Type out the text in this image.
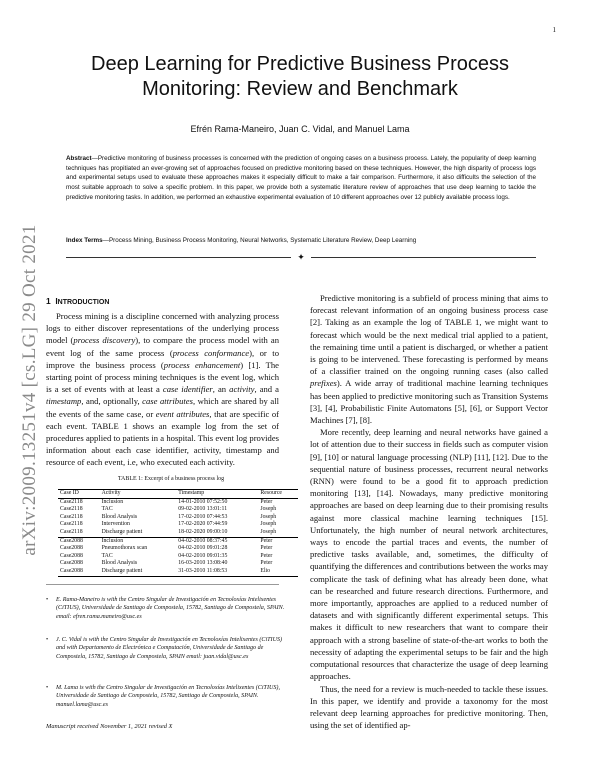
1
arXiv:2009.13251v4 [cs.LG] 29 Oct 2021
Deep Learning for Predictive Business Process Monitoring: Review and Benchmark
Efrén Rama-Maneiro, Juan C. Vidal, and Manuel Lama

Abstract—Predictive monitoring of business processes is concerned with the prediction of ongoing cases on a business process. Lately, the popularity of deep learning techniques has propitiated an ever-growing set of approaches focused on predictive monitoring based on these techniques. However, the high disparity of process logs and experimental setups used to evaluate these approaches makes it especially difficult to make a fair comparison. Furthermore, it also difficults the selection of the most suitable approach to solve a specific problem. In this paper, we provide both a systematic literature review of approaches that use deep learning to tackle the predictive monitoring tasks. In addition, we performed an exhaustive experimental evaluation of 10 different approaches over 12 publicly available process logs.

Index Terms—Process Mining, Business Process Monitoring, Neural Networks, Systematic Literature Review, Deep Learning

✦
1 INTRODUCTION

Process mining is a discipline concerned with analyzing process logs to either discover representations of the underlying process model (process discovery), to compare the process model with an event log of the same process (process conformance), or to improve the business process (process enhancement) [1]. The starting point of process mining techniques is the event log, which is a set of events with at least a case identifier, an activity, and a timestamp, and, optionally, case attributes, which are shared by all the events of the same case, or event attributes, that are specific of each event. TABLE 1 shows an example log from the set of procedures applied to patients in a hospital. This event log provides information about each case identifier, activity, timestamp and resource of each event, i.e, who executed each activity.

TABLE 1: Excerpt of a business process log
Case ID	Activity	Timestamp	Resource
Case2118	Inclusion	14-01-2010 07:52:50	Peter
Case2118	TAC	09-02-2010 13:01:11	Joseph
Case2118	Blood Analysis	17-02-2010 07:44:53	Joseph
Case2118	Intervention	17-02-2020 07:44:59	Joseph
Case2118	Discharge patient	18-02-2020 09:00:10	Joseph
Case2088	Inclusion	04-02-2010 08:37:45	Peter
Case2088	Pneumothorax scan	04-02-2010 09:01:28	Peter
Case2088	TAC	04-02-2010 09:01:35	Peter
Case2088	Blood Analysis	16-03-2010 13:08:40	Peter
Case2088	Discharge patient	31-03-2010 11:08:53	Elio
• E. Rama-Maneiro is with the Centro Singular de Investigación en Tecnoloxías Intelixentes (CiTIUS), Universidade de Santiago de Compostela, 15782, Santiago de Compostela, SPAIN. email: efren.rama.maneiro@usc.es
• J. C. Vidal is with the Centro Singular de Investigación en Tecnoloxías Intelixentes (CiTIUS) and with Departamento de Electrónica e Computación, Universidade de Santiago de Compostela, 15782, Santiago de Compostela, SPAIN email: juan.vidal@usc.es
• M. Lama is with the Centro Singular de Investigación en Tecnoloxías Intelixentes (CiTIUS), Universidade de Santiago de Compostela, 15782, Santiago de Compostela, SPAIN. manuel.lama@usc.es
Manuscript received November 1, 2021 revised X

Predictive monitoring is a subfield of process mining that aims to forecast relevant information of an ongoing business process case [2]. Taking as an example the log of TABLE 1, we might want to forecast which would be the next medical trial applied to a patient, the remaining time until a patient is discharged, or whether a patient is going to be intervened. These forecasting is performed by means of a classifier trained on the ongoing running cases (also called prefixes). A wide array of traditional machine learning techniques has been applied to predictive monitoring such as Transition Systems [3], [4], Probabilistic Finite Automatons [5], [6], or Support Vector Machines [7], [8].

More recently, deep learning and neural networks have gained a lot of attention due to their success in fields such as computer vision [9], [10] or natural language processing (NLP) [11], [12]. Due to the sequential nature of business processes, recurrent neural networks (RNN) were found to be a good fit to approach prediction monitoring [13], [14]. Nowadays, many predictive monitoring approaches are based on deep learning due to their promising results against more classical machine learning techniques [15]. Unfortunately, the high number of neural network architectures, ways to encode the partial traces and events, the number of predictive tasks available, and, sometimes, the difficulty of quantifying the differences and contributions between the works may complicate the task of defining what has already been done, what can be researched and future research directions. Furthermore, and more importantly, approaches are applied to a reduced number of datasets and with significantly different experimental setups. This makes it difficult to new researchers that want to compare their approach with a strong baseline of state-of-the-art works to both the necessity of adapting the experimental setups to be fair and the high computational resources that characterize the usage of deep learning approaches.

Thus, the need for a review is much-needed to tackle these issues. In this paper, we identify and provide a taxonomy for the most relevant deep learning approaches for predictive monitoring. Then, using the set of identified ap-
